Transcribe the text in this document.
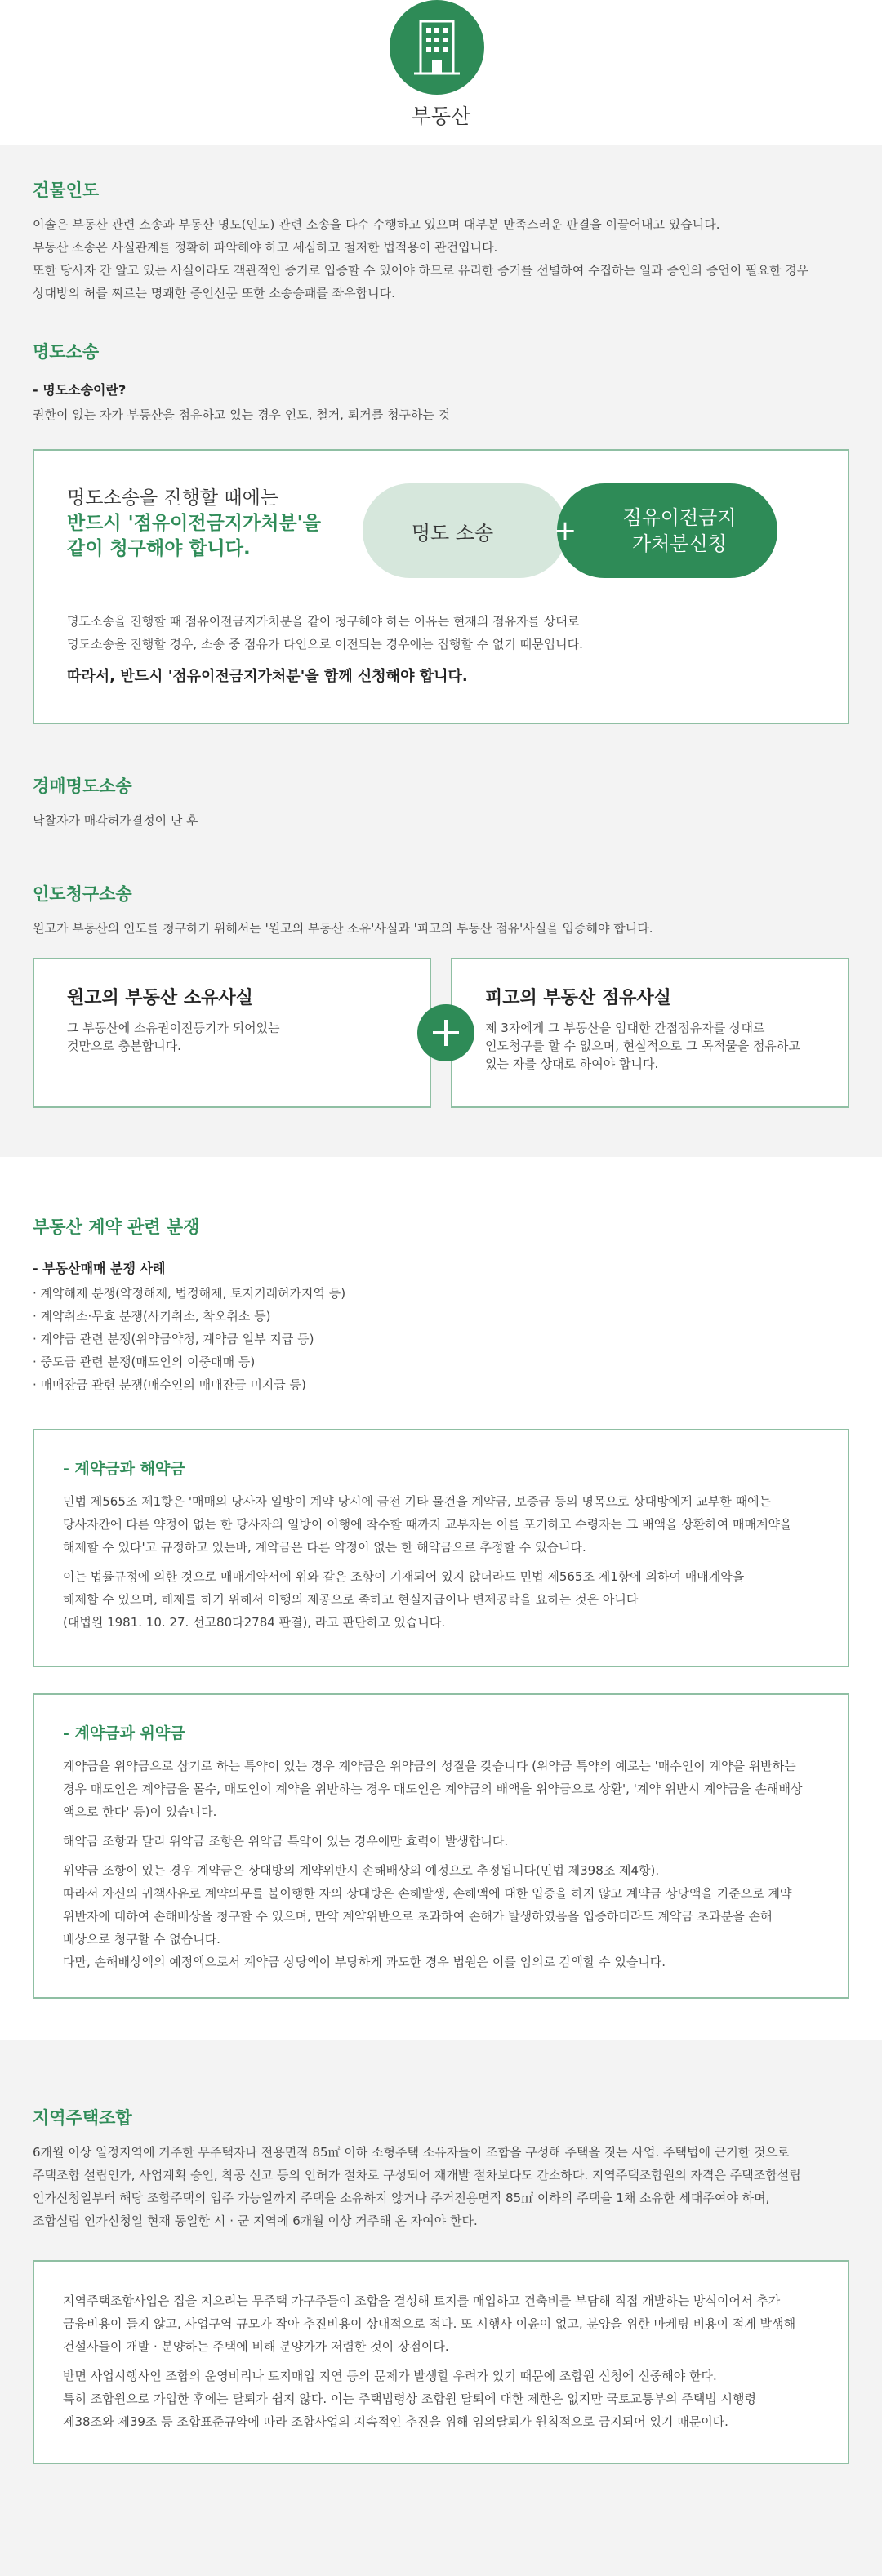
부동산
건물인도
이솔은 부동산 관련 소송과 부동산 명도(인도) 관련 소송을 다수 수행하고 있으며 대부분 만족스러운 판결을 이끌어내고 있습니다.
부동산 소송은 사실관계를 정확히 파악해야 하고 세심하고 철저한 법적용이 관건입니다.
또한 당사자 간 알고 있는 사실이라도 객관적인 증거로 입증할 수 있어야 하므로 유리한 증거를 선별하여 수집하는 일과 증인의 증언이 필요한 경우
상대방의 허를 찌르는 명쾌한 증인신문 또한 소송승패를 좌우합니다.
명도소송
- 명도소송이란?
권한이 없는 자가 부동산을 점유하고 있는 경우 인도, 철거, 퇴거를 청구하는 것
명도소송을 진행할 때에는
반드시 '점유이전금지가처분'을
같이 청구해야 합니다.
명도 소송
점유이전금지
가처분신청
+
명도소송을 진행할 때 점유이전금지가처분을 같이 청구해야 하는 이유는 현재의 점유자를 상대로
명도소송을 진행할 경우, 소송 중 점유가 타인으로 이전되는 경우에는 집행할 수 없기 때문입니다.
따라서, 반드시 '점유이전금지가처분'을 함께 신청해야 합니다.
경매명도소송
낙찰자가 매각허가결정이 난 후
인도청구소송
원고가 부동산의 인도를 청구하기 위해서는 '원고의 부동산 소유'사실과 '피고의 부동산 점유'사실을 입증해야 합니다.
원고의 부동산 소유사실
그 부동산에 소유권이전등기가 되어있는
것만으로 충분합니다.
피고의 부동산 점유사실
제 3자에게 그 부동산을 임대한 간접점유자를 상대로
인도청구를 할 수 없으며, 현실적으로 그 목적물을 점유하고
있는 자를 상대로 하여야 합니다.
부동산 계약 관련 분쟁
- 부동산매매 분쟁 사례
· 계약해제 분쟁(약정해제, 법정해제, 토지거래허가지역 등)
· 계약취소·무효 분쟁(사기취소, 착오취소 등)
· 계약금 관련 분쟁(위약금약정, 계약금 일부 지급 등)
· 중도금 관련 분쟁(매도인의 이중매매 등)
· 매매잔금 관련 분쟁(매수인의 매매잔금 미지급 등)
- 계약금과 해약금
민법 제565조 제1항은 '매매의 당사자 일방이 계약 당시에 금전 기타 물건을 계약금, 보증금 등의 명목으로 상대방에게 교부한 때에는
당사자간에 다른 약정이 없는 한 당사자의 일방이 이행에 착수할 때까지 교부자는 이를 포기하고 수령자는 그 배액을 상환하여 매매계약을
해제할 수 있다'고 규정하고 있는바, 계약금은 다른 약정이 없는 한 해약금으로 추정할 수 있습니다.
이는 법률규정에 의한 것으로 매매계약서에 위와 같은 조항이 기재되어 있지 않더라도 민법 제565조 제1항에 의하여 매매계약을
해제할 수 있으며, 해제를 하기 위해서 이행의 제공으로 족하고 현실지급이나 변제공탁을 요하는 것은 아니다
(대법원 1981. 10. 27. 선고80다2784 판결), 라고 판단하고 있습니다.
- 계약금과 위약금
계약금을 위약금으로 삼기로 하는 특약이 있는 경우 계약금은 위약금의 성질을 갖습니다 (위약금 특약의 예로는 '매수인이 계약을 위반하는
경우 매도인은 계약금을 몰수, 매도인이 계약을 위반하는 경우 매도인은 계약금의 배액을 위약금으로 상환', '계약 위반시 계약금을 손해배상
액으로 한다' 등)이 있습니다.
해약금 조항과 달리 위약금 조항은 위약금 특약이 있는 경우에만 효력이 발생합니다.
위약금 조항이 있는 경우 계약금은 상대방의 계약위반시 손해배상의 예정으로 추정됩니다(민법 제398조 제4항).
따라서 자신의 귀책사유로 계약의무를 불이행한 자의 상대방은 손해발생, 손해액에 대한 입증을 하지 않고 계약금 상당액을 기준으로 계약
위반자에 대하여 손해배상을 청구할 수 있으며, 만약 계약위반으로 초과하여 손해가 발생하였음을 입증하더라도 계약금 초과분을 손해
배상으로 청구할 수 없습니다.
다만, 손해배상액의 예정액으로서 계약금 상당액이 부당하게 과도한 경우 법원은 이를 임의로 감액할 수 있습니다.
지역주택조합
6개월 이상 일정지역에 거주한 무주택자나 전용면적 85㎡ 이하 소형주택 소유자들이 조합을 구성해 주택을 짓는 사업. 주택법에 근거한 것으로
주택조합 설립인가, 사업계획 승인, 착공 신고 등의 인허가 절차로 구성되어 재개발 절차보다도 간소하다. 지역주택조합원의 자격은 주택조합설립
인가신청일부터 해당 조합주택의 입주 가능일까지 주택을 소유하지 않거나 주거전용면적 85㎡ 이하의 주택을 1채 소유한 세대주여야 하며,
조합설립 인가신청일 현재 동일한 시 · 군 지역에 6개월 이상 거주해 온 자여야 한다.
지역주택조합사업은 집을 지으려는 무주택 가구주들이 조합을 결성해 토지를 매입하고 건축비를 부담해 직접 개발하는 방식이어서 추가
금융비용이 들지 않고, 사업구역 규모가 작아 추진비용이 상대적으로 적다. 또 시행사 이윤이 없고, 분양을 위한 마케팅 비용이 적게 발생해
건설사들이 개발 · 분양하는 주택에 비해 분양가가 저렴한 것이 장점이다.
반면 사업시행사인 조합의 운영비리나 토지매입 지연 등의 문제가 발생할 우려가 있기 때문에 조합원 신청에 신중해야 한다.
특히 조합원으로 가입한 후에는 탈퇴가 쉽지 않다. 이는 주택법령상 조합원 탈퇴에 대한 제한은 없지만 국토교통부의 주택법 시행령
제38조와 제39조 등 조합표준규약에 따라 조합사업의 지속적인 추진을 위해 임의탈퇴가 원칙적으로 금지되어 있기 때문이다.
